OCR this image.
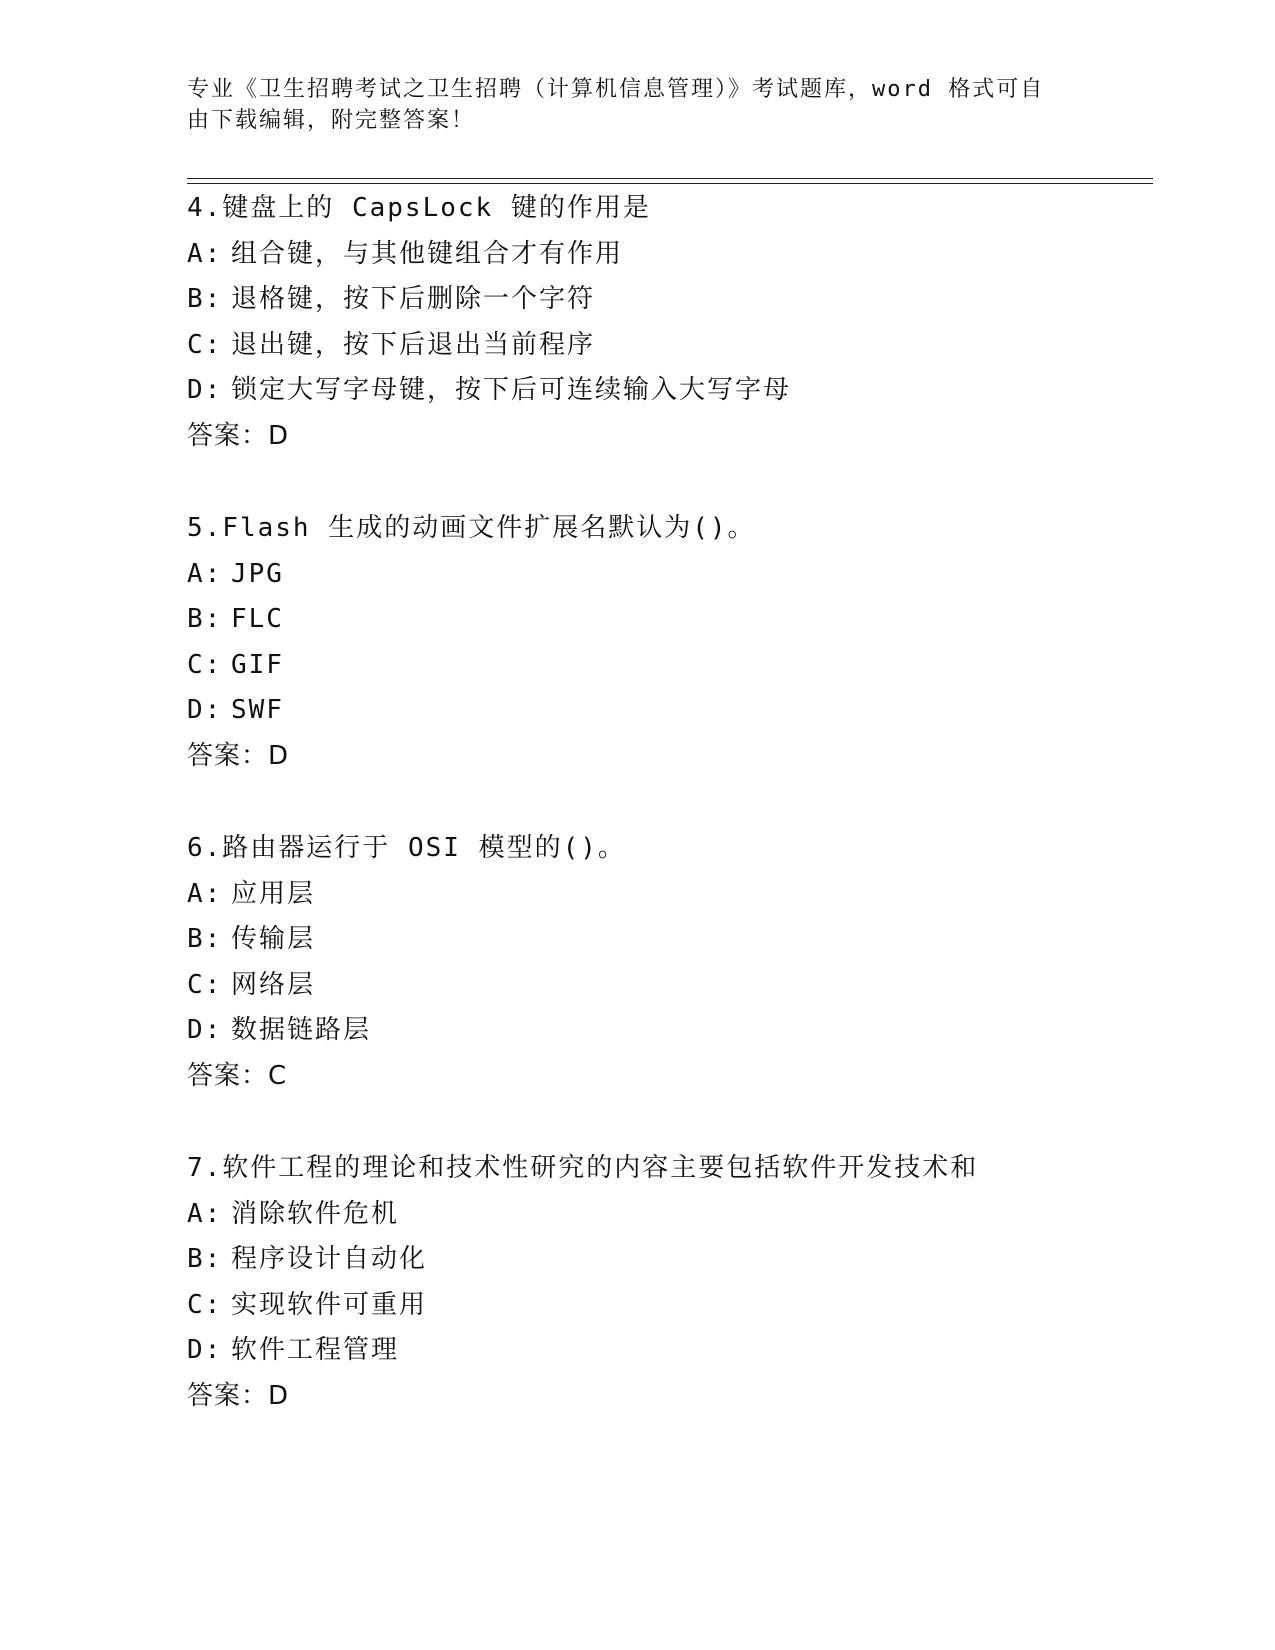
专业《卫生招聘考试之卫生招聘（计算机信息管理）》考试题库，word 格式可自
由下载编辑，附完整答案！
4.键盘上的 CapsLock 键的作用是
A: 组合键，与其他键组合才有作用
B: 退格键，按下后删除一个字符
C: 退出键，按下后退出当前程序
D: 锁定大写字母键，按下后可连续输入大写字母
答案：D
5.Flash 生成的动画文件扩展名默认为()。
A: JPG
B: FLC
C: GIF
D: SWF
答案：D
6.路由器运行于 OSI 模型的()。
A: 应用层
B: 传输层
C: 网络层
D: 数据链路层
答案：C
7.软件工程的理论和技术性研究的内容主要包括软件开发技术和
A: 消除软件危机
B: 程序设计自动化
C: 实现软件可重用
D: 软件工程管理
答案：D
